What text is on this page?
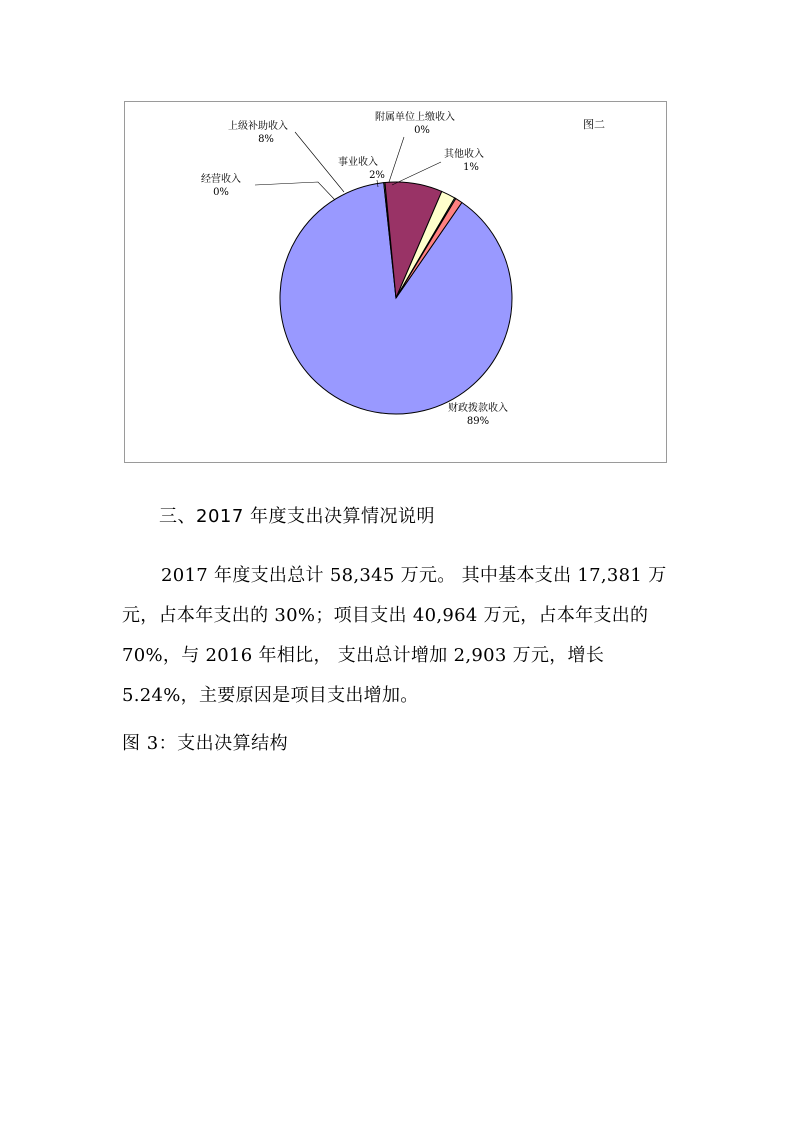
财政拨款收入
89%
经营收入
0%
上级补助收入
8%
事业收入
2%
附属单位上缴收入
0%
其他收入
1%
图二
三、2017 年度支出决算情况说明

2017 年度支出总计 58,345 万元。 其中基本支出 17,381 万元，占本年支出的 30%；项目支出 40,964 万元，占本年支出的 70%，与 2016 年相比， 支出总计增加 2,903 万元，增长 5.24%，主要原因是项目支出增加。

图 3：支出决算结构
